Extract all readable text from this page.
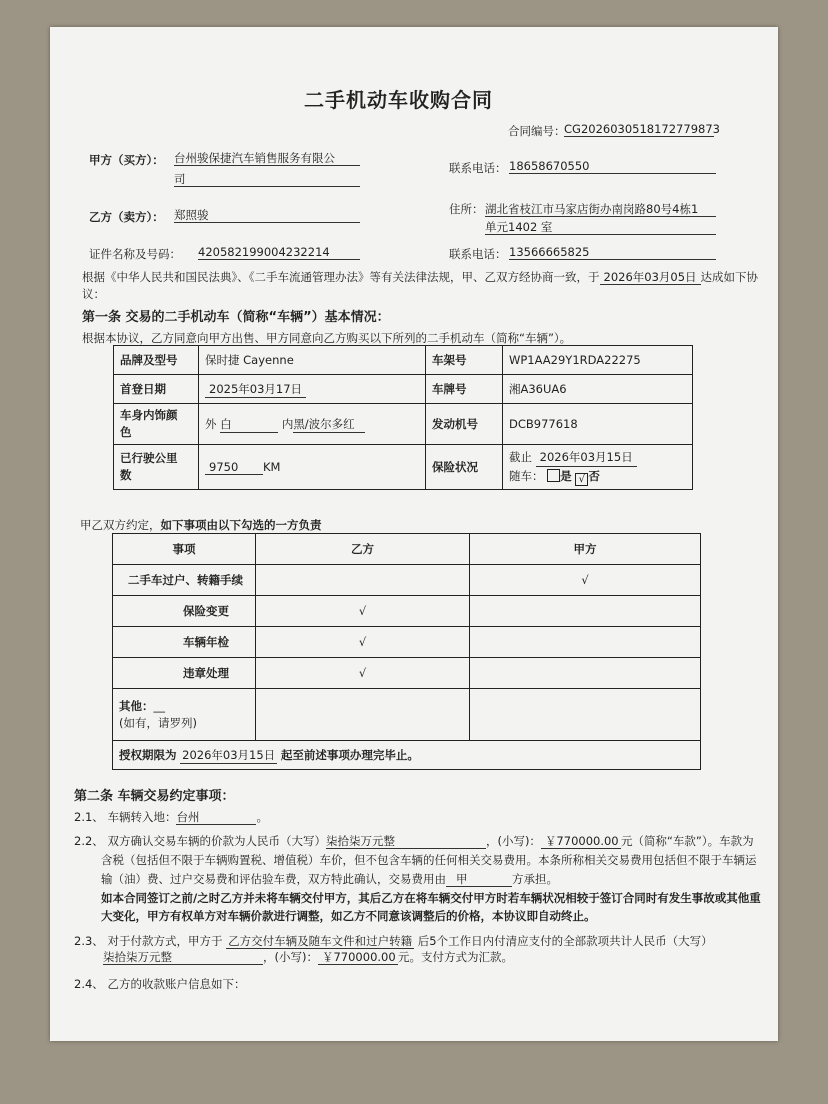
二手机动车收购合同
合同编号：
CG2026030518172779873
甲方（买方）： 台州骏保捷汽车销售服务有限公
司
联系电话： 18658670550
乙方（卖方）： 郑照骏	住所： 湖北省枝江市马家店街办南岗路80号4栋1
单元1402 室
证件名称及号码： 420582199004232214	联系电话： 13566665825
根据《中华人民共和国民法典》、《二手车流通管理办法》等有关法律法规，甲、乙双方经协商一致，于 2026年03月05日 达成如下协
议：
第一条 交易的二手机动车（简称“车辆”）基本情况：
根据本协议，乙方同意向甲方出售、甲方同意向乙方购买以下所列的二手机动车（简称“车辆”）。
品牌及型号	保时捷 Cayenne	车架号	WP1AA29Y1RDA22275
首登日期	2025年03月17日	车牌号	湘A36UA6
车身内饰颜
色	外 白 内黑/波尔多红	发动机号	DCB977618
已行驶公里
数	9750 KM	保险状况	截止 2026年03月15日
随车： 是 √ 否
甲乙双方约定，如下事项由以下勾选的一方负责
事项	乙方	甲方
二手车过户、转籍手续		√
保险变更	√	
车辆年检	√	
违章处理	√	
其他：__
(如有，请罗列)		
授权期限为 2026年03月15日 起至前述事项办理完毕止。		
第二条 车辆交易约定事项：
2.1、 车辆转入地：台州	。
2.2、 双方确认交易车辆的价款为人民币（大写）柒拾柒万元整	，(小写)： ￥770000.00 元（简称“车款”）。车款为
含税（包括但不限于车辆购置税、增值税）车价，但不包含车辆的任何相关交易费用。本条所称相关交易费用包括但不限于车辆运
输（油）费、过户交易费和评估验车费，双方特此确认，交易费用由 甲	方承担。
如本合同签订之前/之时乙方并未将车辆交付甲方，其后乙方在将车辆交付甲方时若车辆状况相较于签订合同时有发生事故或其他重
大变化，甲方有权单方对车辆价款进行调整，如乙方不同意该调整后的价格，本协议即自动终止。
2.3、 对于付款方式，甲方于 乙方交付车辆及随车文件和过户转籍 后5个工作日内付清应支付的全部款项共计人民币（大写）
柒拾柒万元整	，(小写)： ￥770000.00 元。支付方式为汇款。
2.4、 乙方的收款账户信息如下：
